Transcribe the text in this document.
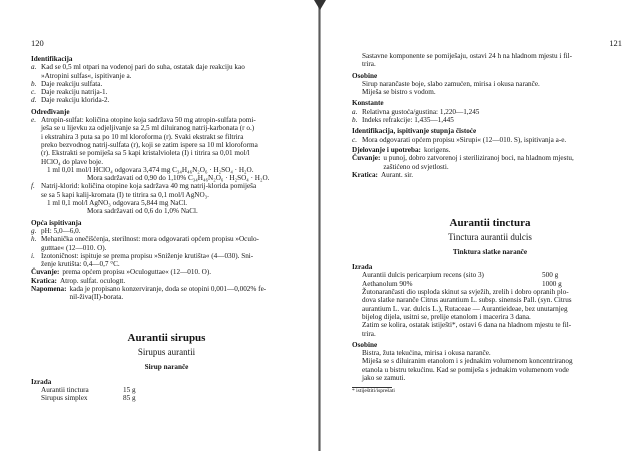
120
Identifikacija
a. Kad se 0,5 ml otpari na vodenoj pari do suha, ostatak daje reakciju kao
»Atropini sulfas«, ispitivanje a.
b. Daje reakciju sulfata.
c. Daje reakciju natrija-1.
d. Daje reakciju klorida-2.
Određivanje
e. Atropin-sulfat: količina otopine koja sadržava 50 mg atropin-sulfata pomi-
ješa se u lijevku za odjeljivanje sa 2,5 ml diluiranog natrij-karbonata (r o.)
i ekstrahira 3 puta sa po 10 ml kloroforma (r). Svaki ekstrakt se filtrira
preko bezvodnog natrij-sulfata (r), koji se zatim ispere sa 10 ml kloroforma
(r). Ekstrakti se pomiješa sa 5 kapi kristalvioleta (I) i titrira sa 0,01 mol/l
HClO₄ do plave boje.
1 ml 0,01 mol/l HClO₄ odgovara 3,474 mg C₃₄H₄₆N₂O₆ · H₂SO₄ · H₂O.
Mora sadržavati od 0,90 do 1,10% C₃₄H₄₆N₂O₆ · H₂SO₄ · H₂O.
f. Natrij-klorid: količina otopine koja sadržava 40 mg natrij-klorida pomiješa
se sa 5 kapi kalij-kromata (I) te titrira sa 0,1 mol/l AgNO₃.
1 ml 0,1 mol/l AgNO₃ odgovara 5,844 mg NaCl.
Mora sadržavati od 0,6 do 1,0% NaCl.
Opća ispitivanja
g. pH: 5,0—6,0.
h. Mehanička onečišćenja, sterilnost: mora odgovarati općem propisu »Oculo-
gutttae« (12—010. O).
i. Izotoničnost: ispituje se prema propisu »Sniženje krutišta« (4—030). Sni-
ženje krutišta: 0,4—0,7 °C.
Čuvanje: prema općem propisu »Oculoguttae« (12—010. O).
Kratica: Atrop. sulfat. oculogtt.
Napomena: kada je propisano konzerviranje, doda se otopini 0,001—0,002% fe-
nil-živa(II)-borata.
Aurantii sirupus
Sirupus aurantii
Sirup naranče
Izrada
Aurantii tinctura	15 g
Sirupus simplex	85 g
121
Sastavne komponente se pomiješaju, ostavi 24 h na hladnom mjestu i fil-
trira.
Osobine
Sirup narančaste boje, slabo zamućen, mirisa i okusa naranče.
Miješa se bistro s vodom.
Konstante
a. Relativna gustoća/gustina: 1,220—1,245
b. Indeks refrakcije: 1,435—1,445
Identifikacija, ispitivanje stupnja čistoće
c. Mora odgovarati općem propisu »Sirupi« (12—010. S), ispitivanja a-e.
Djelovanje i upotreba: korigens.
Čuvanje: u punoj, dobro zatvorenoj i steriliziranoj boci, na hladnom mjestu,
zaštićeno od svjetlosti.
Kratica: Aurant. sir.
Aurantii tinctura
Tinctura aurantii dulcis
Tinktura slatke naranče
Izrada
Aurantii dulcis pericarpium recens (sito 3)	500 g
Aethanolum 90%	1000 g
Žutonarančasti dio usploda skinut sa svježih, zrelih i dobro opranih plo-
dova slatke naranče Citrus aurantium L. subsp. sinensis Pall. (syn. Citrus
aurantium L. var. dulcis L.), Rutaceae — Aurantieideae, bez unutarnjeg
bijelog dijela, usitni se, prelije etanolom i macerira 3 dana.
Zatim se kolira, ostatak istiješti*, ostavi 6 dana na hladnom mjestu te fil-
trira.
Osobine
Bistra, žuta tekućina, mirisa i okusa naranče.
Miješa se s diluiranim etanolom i s jednakim volumenom koncentriranog
etanola u bistru tekućinu. Kad se pomiješa s jednakim volumenom vode
jako se zamuti.
* istiještiti/isprešati
